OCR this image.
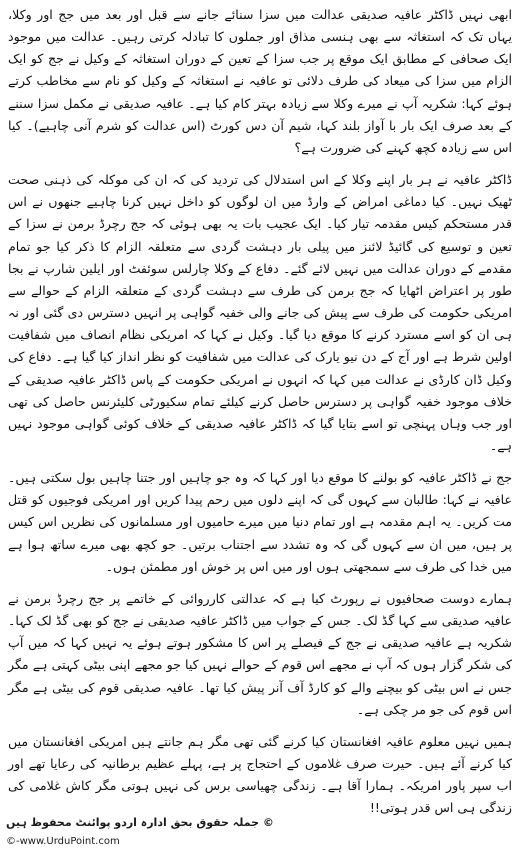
ابھی نہیں ڈاکٹر عافیہ صدیقی عدالت میں سزا سنائے جانے سے قبل اور بعد میں جج اور وکلا، یہاں تک کہ استغاثہ سے بھی ہنسی مذاق اور جملوں کا تبادلہ کرتی رہیں۔ عدالت میں موجود ایک صحافی کے مطابق ایک موقع پر جب سزا کے تعین کے دوران استغاثہ کے وکیل نے جج کو ایک الزام میں سزا کی میعاد کی طرف دلائی تو عافیہ نے استغاثہ کے وکیل کو نام سے مخاطب کرتے ہوئے کہا: شکریہ آپ نے میرے وکلا سے زیادہ بہتر کام کیا ہے۔ عافیہ صدیقی نے مکمل سزا سننے کے بعد صرف ایک بار با آواز بلند کہا، شیم آن دس کورٹ (اس عدالت کو شرم آنی چاہیے)۔ کیا اس سے زیادہ کچھ کہنے کی ضرورت ہے؟

ڈاکٹر عافیہ نے ہر بار اپنے وکلا کے اس استدلال کی تردید کی کہ ان کی موکلہ کی ذہنی صحت ٹھیک نہیں۔ کیا دماغی امراض کے وارڈ میں ان لوگوں کو داخل نہیں کرنا چاہیے جنھوں نے اس قدر مستحکم کیس مقدمہ تیار کیا۔ ایک عجیب بات یہ بھی ہوئی کہ جج رچرڈ برمن نے سزا کے تعین و توسیع کی گائیڈ لائنز میں پیلی بار دہشت گردی سے متعلقہ الزام کا ذکر کیا جو تمام مقدمے کے دوران عدالت میں نہیں لائے گئے۔ دفاع کے وکلا چارلس سوئفٹ اور ایلین شارپ نے بجا طور پر اعتراض اٹھایا کہ جج برمن کی طرف سے دہشت گردی کے متعلقہ الزام کے حوالے سے امریکی حکومت کی طرف سے پیش کی جانے والی خفیہ گواہی پر انہیں دسترس دی گئی اور نہ ہی ان کو اسے مسترد کرنے کا موقع دیا گیا۔ وکیل نے کہا کہ امریکی نظام انصاف میں شفافیت اولین شرط ہے اور آج کے دن نیو یارک کی عدالت میں شفافیت کو نظر انداز کیا گیا ہے۔ دفاع کی وکیل ڈان کارڈی نے عدالت میں کہا کہ انہوں نے امریکی حکومت کے پاس ڈاکٹر عافیہ صدیقی کے خلاف موجود خفیہ گواہی پر دسترس حاصل کرنے کیلئے تمام سکیورٹی کلیئرنس حاصل کی تھی اور جب وہاں پہنچی تو اسے بتایا گیا کہ ڈاکٹر عافیہ صدیقی کے خلاف کوئی گواہی موجود نہیں ہے۔

جج نے ڈاکٹر عافیہ کو بولنے کا موقع دیا اور کہا کہ وہ جو چاہیں اور جتنا چاہیں بول سکتی ہیں۔ عافیہ نے کہا: طالبان سے کہوں گی کہ اپنے دلوں میں رحم پیدا کریں اور امریکی فوجیوں کو قتل مت کریں۔ یہ اہم مقدمہ ہے اور تمام دنیا میں میرے حامیوں اور مسلمانوں کی نظریں اس کیس پر ہیں، میں ان سے کہوں گی کہ وہ تشدد سے اجتناب برتیں۔ جو کچھ بھی میرے ساتھ ہوا ہے میں خدا کی طرف سے سمجھتی ہوں اور میں اس پر خوش اور مطمئن ہوں۔

ہمارے دوست صحافیوں نے رپورٹ کیا ہے کہ عدالتی کارروائی کے خاتمے پر جج رچرڈ برمن نے عافیہ صدیقی سے کہا گڈ لک۔ جس کے جواب میں ڈاکٹر عافیہ صدیقی نے جج کو بھی گڈ لک کہا۔ شکریہ ہے عافیہ صدیقی نے جج کے فیصلے پر اس کا مشکور ہوتے ہوئے یہ نہیں کہا کہ میں آپ کی شکر گزار ہوں کہ آپ نے مجھے اس قوم کے حوالے نہیں کیا جو مجھے اپنی بیٹی کہتی ہے مگر جس نے اس بیٹی کو بیچنے والے کو کارڈ آف آنر پیش کیا تھا۔ عافیہ صدیقی قوم کی بیٹی ہے مگر اس قوم کی جو مر چکی ہے۔

ہمیں نہیں معلوم عافیہ افغانستان کیا کرنے گئی تھی مگر ہم جانتے ہیں امریکی افغانستان میں کیا کرنے آئے ہیں۔ حیرت صرف غلاموں کے احتجاج پر ہے، پہلے عظیم برطانیہ کی رعایا تھے اور اب سپر پاور امریکہ۔ ہمارا آقا ہے۔ زندگی چھیاسی برس کی نہیں ہوتی مگر کاش غلامی کی زندگی ہی اس قدر ہوتی!!

© جملہ حقوق بحق ادارہ اردو پوائنٹ محفوظ ہیں
©-www.UrduPoint.com
